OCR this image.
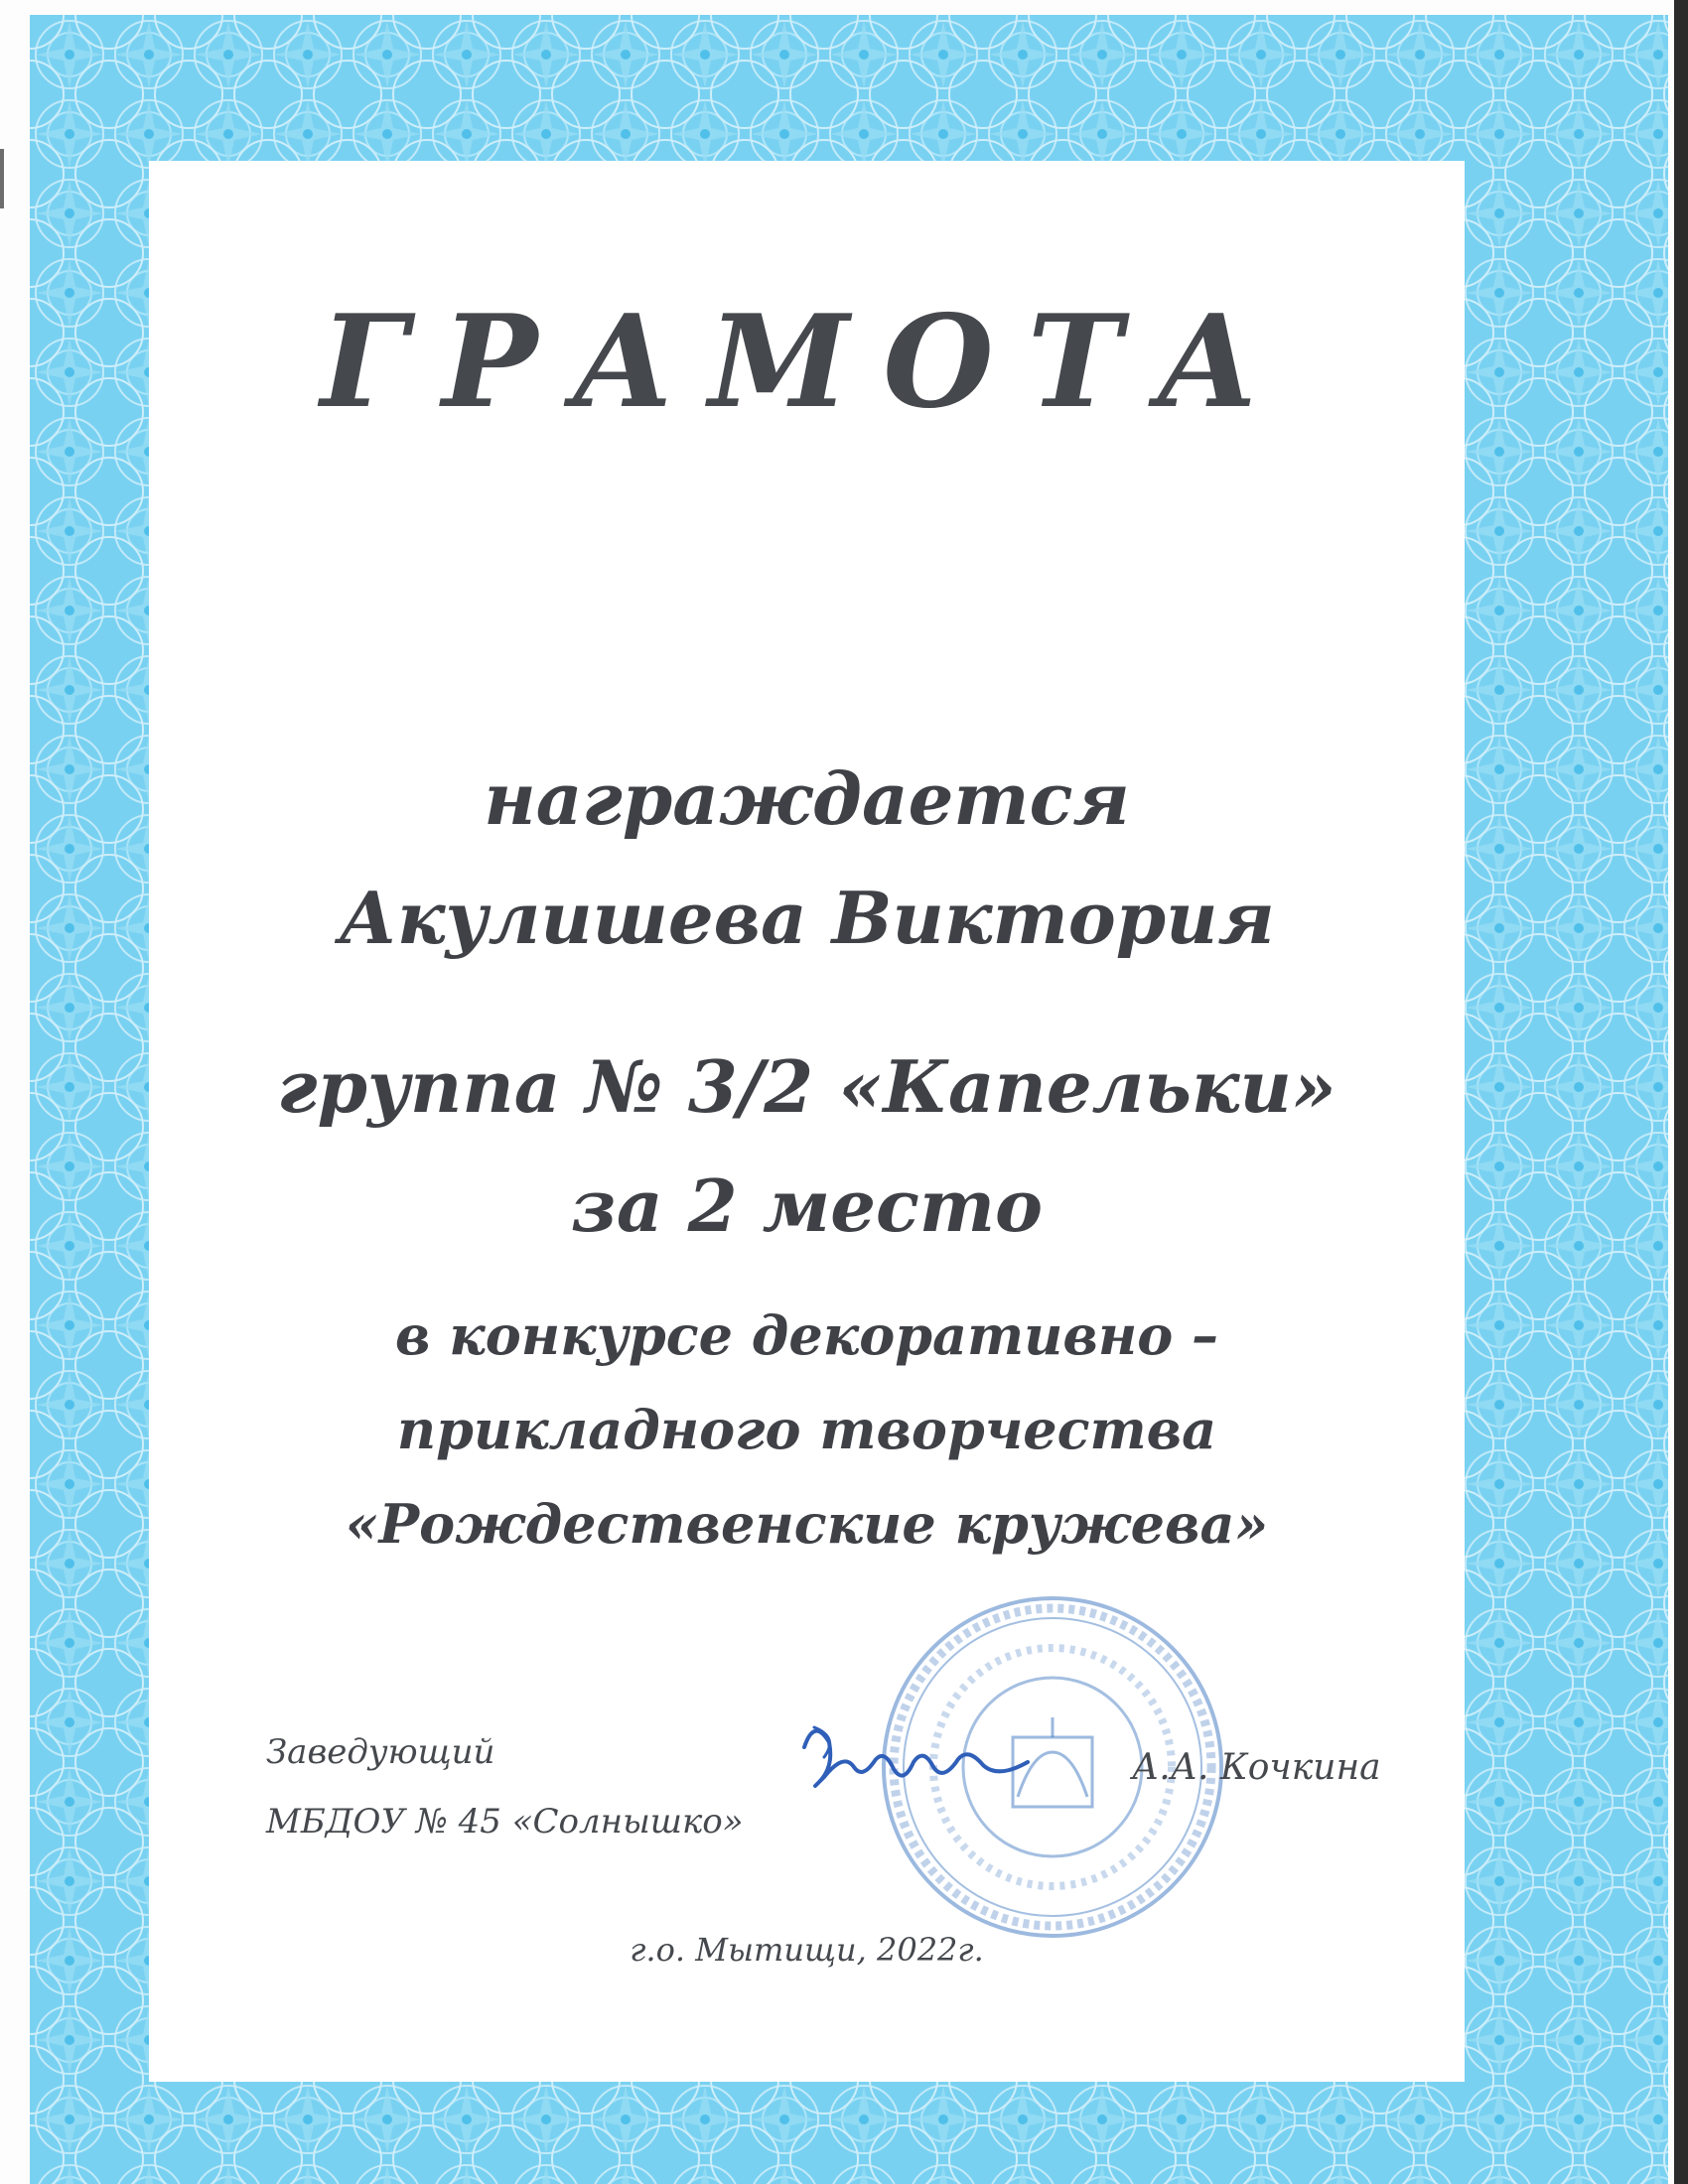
ГРАМОТА
награждается
Акулишева Виктория
группа № 3/2 «Капельки»
за 2 место
в конкурсе декоративно –
прикладного творчества
«Рождественские кружева»
Заведующий
МБДОУ № 45 «Солнышко»
А.А. Кочкина
г.о. Мытищи, 2022г.
